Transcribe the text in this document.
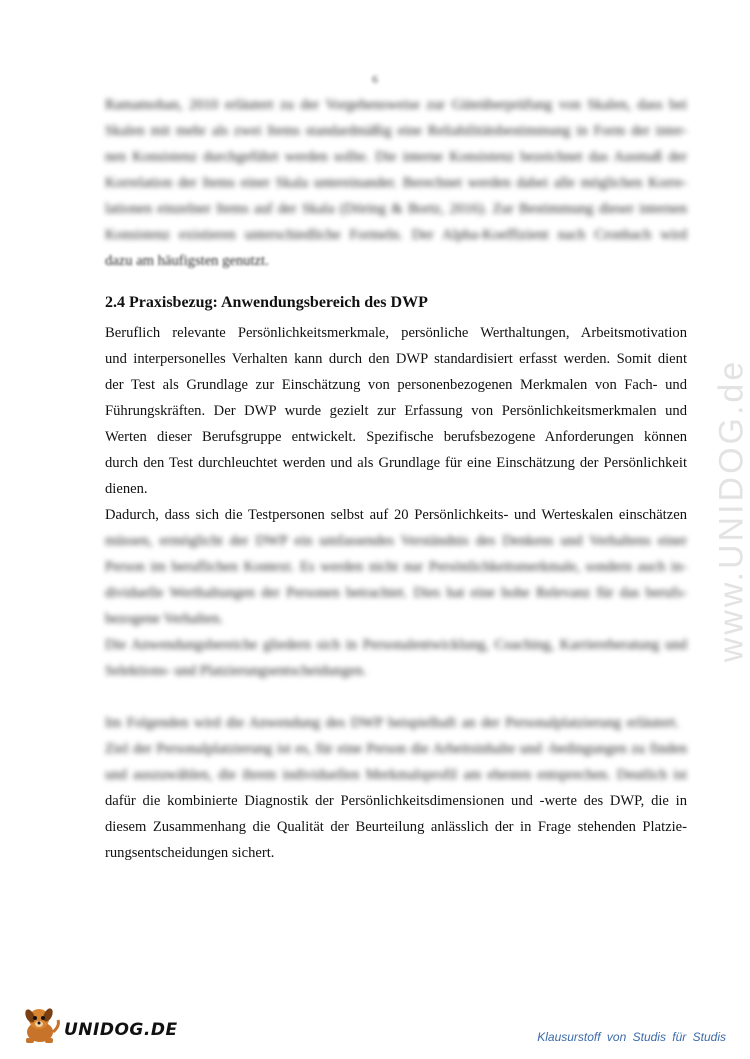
6
Ramamohan, 2010 erläutert zu der Vorgehensweise zur Güteüberprüfung von Skalen, dass bei
Skalen mit mehr als zwei Items standardmäßig eine Reliabilitätsbestimmung in Form der inter-
nen Konsistenz durchgeführt werden sollte. Die interne Konsistenz bezeichnet das Ausmaß der
Korrelation der Items einer Skala untereinander. Berechnet werden dabei alle möglichen Korre-
lationen einzelner Items auf der Skala (Döring & Bortz, 2016). Zur Bestimmung dieser internen
Konsistenz existieren unterschiedliche Formeln. Der Alpha-Koeffizient nach Cronbach wird
dazu am häufigsten genutzt.
2.4 Praxisbezug: Anwendungsbereich des DWP
Beruflich relevante Persönlichkeitsmerkmale, persönliche Werthaltungen, Arbeitsmotivation
und interpersonelles Verhalten kann durch den DWP standardisiert erfasst werden. Somit dient
der Test als Grundlage zur Einschätzung von personenbezogenen Merkmalen von Fach- und
Führungskräften. Der DWP wurde gezielt zur Erfassung von Persönlichkeitsmerkmalen und
Werten dieser Berufsgruppe entwickelt. Spezifische berufsbezogene Anforderungen können
durch den Test durchleuchtet werden und als Grundlage für eine Einschätzung der Persönlichkeit
dienen.
Dadurch, dass sich die Testpersonen selbst auf 20 Persönlichkeits- und Werteskalen einschätzen
müssen, ermöglicht der DWP ein umfassendes Verständnis des Denkens und Verhaltens einer
Person im beruflichen Kontext. Es werden nicht nur Persönlichkeitsmerkmale, sondern auch in-
dividuelle Werthaltungen der Personen betrachtet. Dies hat eine hohe Relevanz für das berufs-
bezogene Verhalten.
Die Anwendungsbereiche gliedern sich in Personalentwicklung, Coaching, Karriereberatung und
Selektions- und Platzierungsentscheidungen.
Im Folgenden wird die Anwendung des DWP beispielhaft an der Personalplatzierung erläutert.
Ziel der Personalplatzierung ist es, für eine Person die Arbeitsinhalte und -bedingungen zu finden
und auszuwählen, die ihrem individuellen Merkmalsprofil am ehesten entsprechen. Deutlich ist
dafür die kombinierte Diagnostik der Persönlichkeitsdimensionen und -werte des DWP, die in
diesem Zusammenhang die Qualität der Beurteilung anlässlich der in Frage stehenden Platzie-
rungsentscheidungen sichert.
www.UNIDOG.de
UNIDOG.DE	Klausurstoff von Studis für Studis
